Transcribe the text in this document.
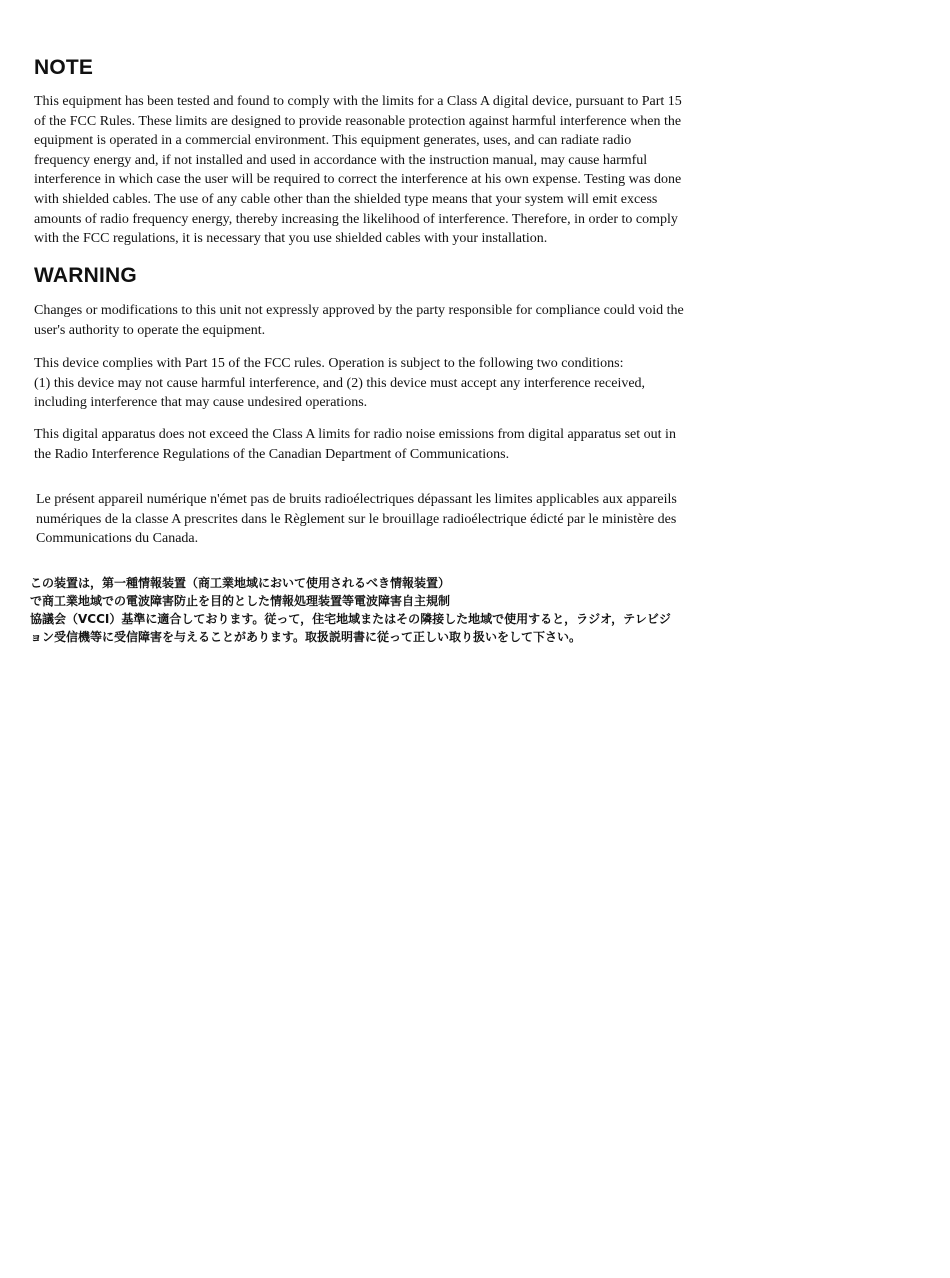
NOTE
This equipment has been tested and found to comply with the limits for a Class A digital device, pursuant to Part 15
of the FCC Rules. These limits are designed to provide reasonable protection against harmful interference when the
equipment is operated in a commercial environment. This equipment generates, uses, and can radiate radio
frequency energy and, if not installed and used in accordance with the instruction manual, may cause harmful
interference in which case the user will be required to correct the interference at his own expense. Testing was done
with shielded cables. The use of any cable other than the shielded type means that your system will emit excess
amounts of radio frequency energy, thereby increasing the likelihood of interference. Therefore, in order to comply
with the FCC regulations, it is necessary that you use shielded cables with your installation.
WARNING
Changes or modifications to this unit not expressly approved by the party responsible for compliance could void the
user's authority to operate the equipment.
This device complies with Part 15 of the FCC rules. Operation is subject to the following two conditions:
(1) this device may not cause harmful interference, and (2) this device must accept any interference received,
including interference that may cause undesired operations.
This digital apparatus does not exceed the Class A limits for radio noise emissions from digital apparatus set out in
the Radio Interference Regulations of the Canadian Department of Communications.
Le présent appareil numérique n'émet pas de bruits radioélectriques dépassant les limites applicables aux appareils
numériques de la classe A prescrites dans le Règlement sur le brouillage radioélectrique édicté par le ministère des
Communications du Canada.
この装置は，第一種情報装置（商工業地域において使用されるべき情報装置）
で商工業地域での電波障害防止を目的とした情報処理装置等電波障害自主規制
協議会（VCCI）基準に適合しております。従って，住宅地域またはその隣接した地域で使用すると，ラジオ，テレビジ
ョン受信機等に受信障害を与えることがあります。取扱説明書に従って正しい取り扱いをして下さい。
